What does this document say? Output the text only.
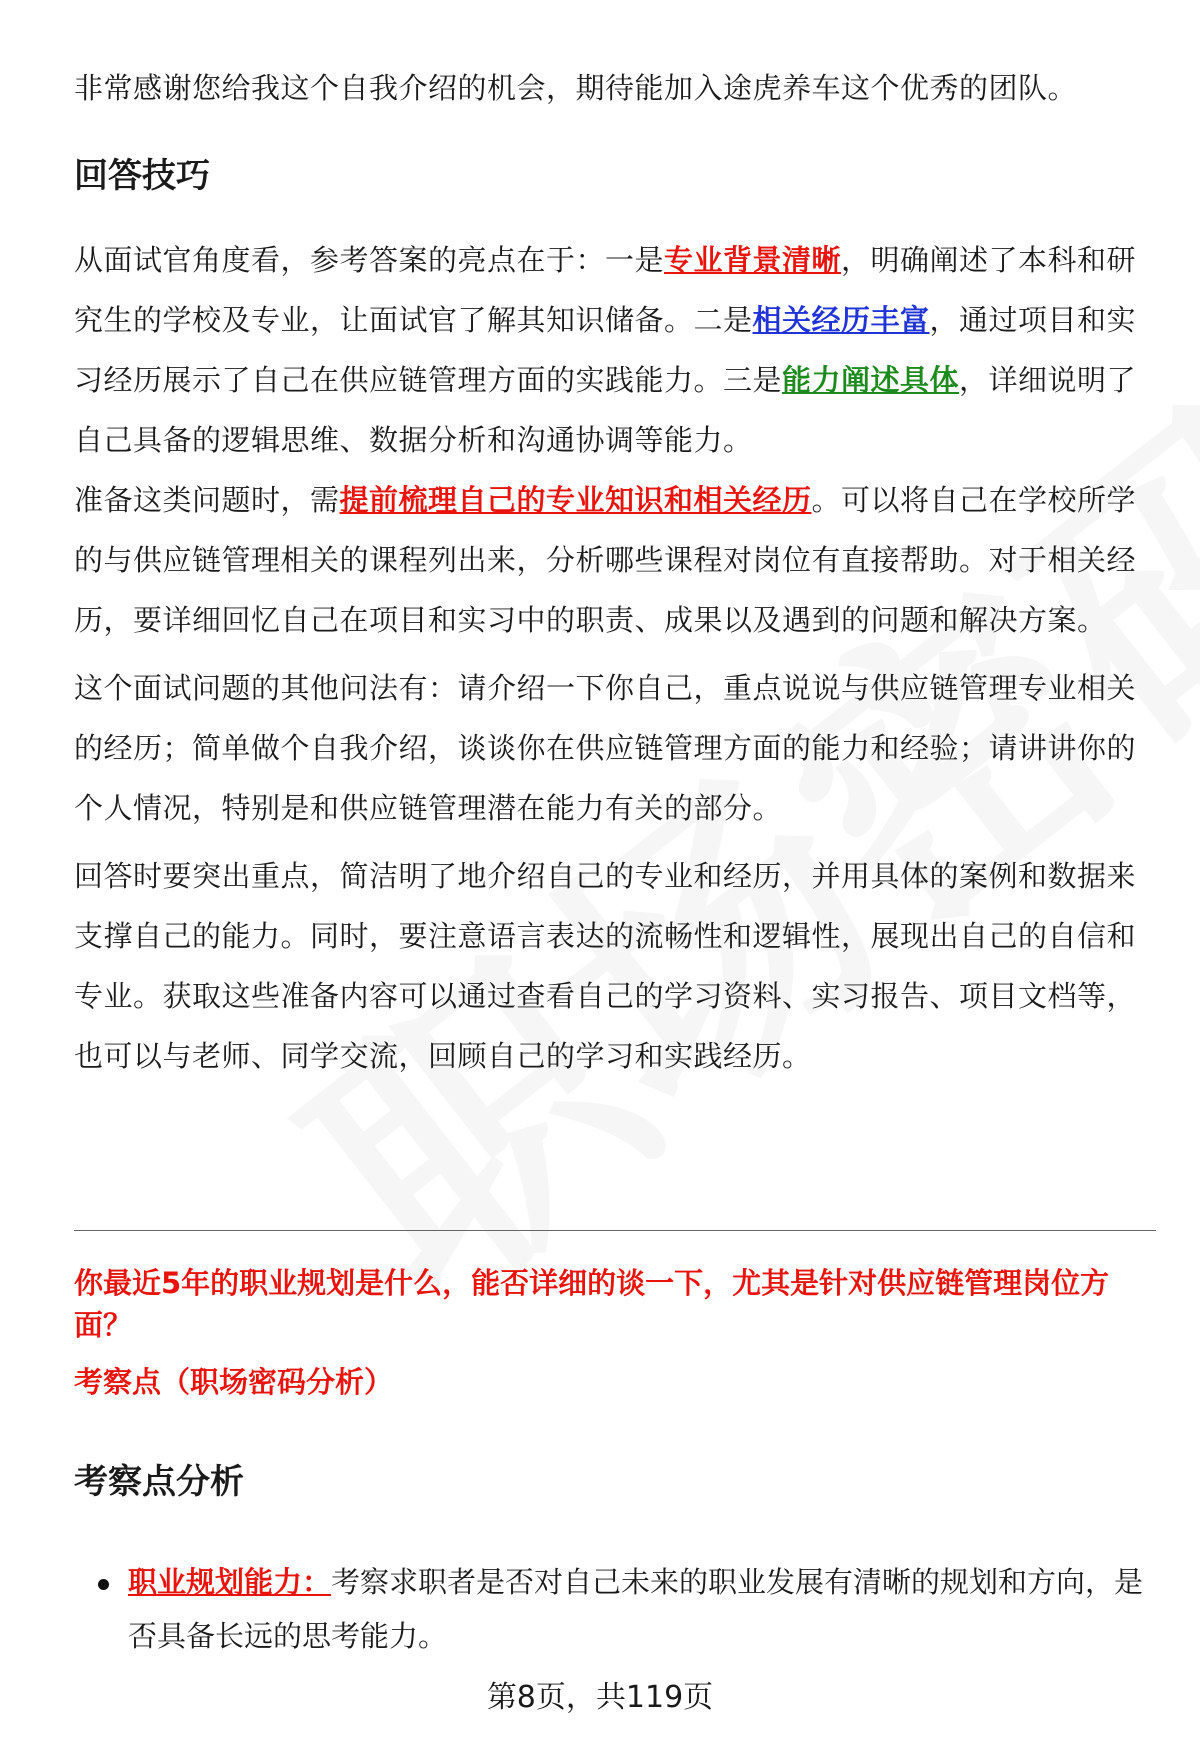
非常感谢您给我这个自我介绍的机会，期待能加入途虎养车这个优秀的团队。

回答技巧

从面试官角度看，参考答案的亮点在于：一是专业背景清晰，明确阐述了本科和研究生的学校及专业，让面试官了解其知识储备。二是相关经历丰富，通过项目和实习经历展示了自己在供应链管理方面的实践能力。三是能力阐述具体，详细说明了自己具备的逻辑思维、数据分析和沟通协调等能力。

准备这类问题时，需提前梳理自己的专业知识和相关经历。可以将自己在学校所学的与供应链管理相关的课程列出来，分析哪些课程对岗位有直接帮助。对于相关经历，要详细回忆自己在项目和实习中的职责、成果以及遇到的问题和解决方案。

这个面试问题的其他问法有：请介绍一下你自己，重点说说与供应链管理专业相关的经历；简单做个自我介绍，谈谈你在供应链管理方面的能力和经验；请讲讲你的个人情况，特别是和供应链管理潜在能力有关的部分。

回答时要突出重点，简洁明了地介绍自己的专业和经历，并用具体的案例和数据来支撑自己的能力。同时，要注意语言表达的流畅性和逻辑性，展现出自己的自信和专业。获取这些准备内容可以通过查看自己的学习资料、实习报告、项目文档等，也可以与老师、同学交流，回顾自己的学习和实践经历。

你最近5年的职业规划是什么，能否详细的谈一下，尤其是针对供应链管理岗位方面？
考察点（职场密码分析）
考察点分析
职业规划能力：考察求职者是否对自己未来的职业发展有清晰的规划和方向，是否具备长远的思考能力。
第8页，共119页
